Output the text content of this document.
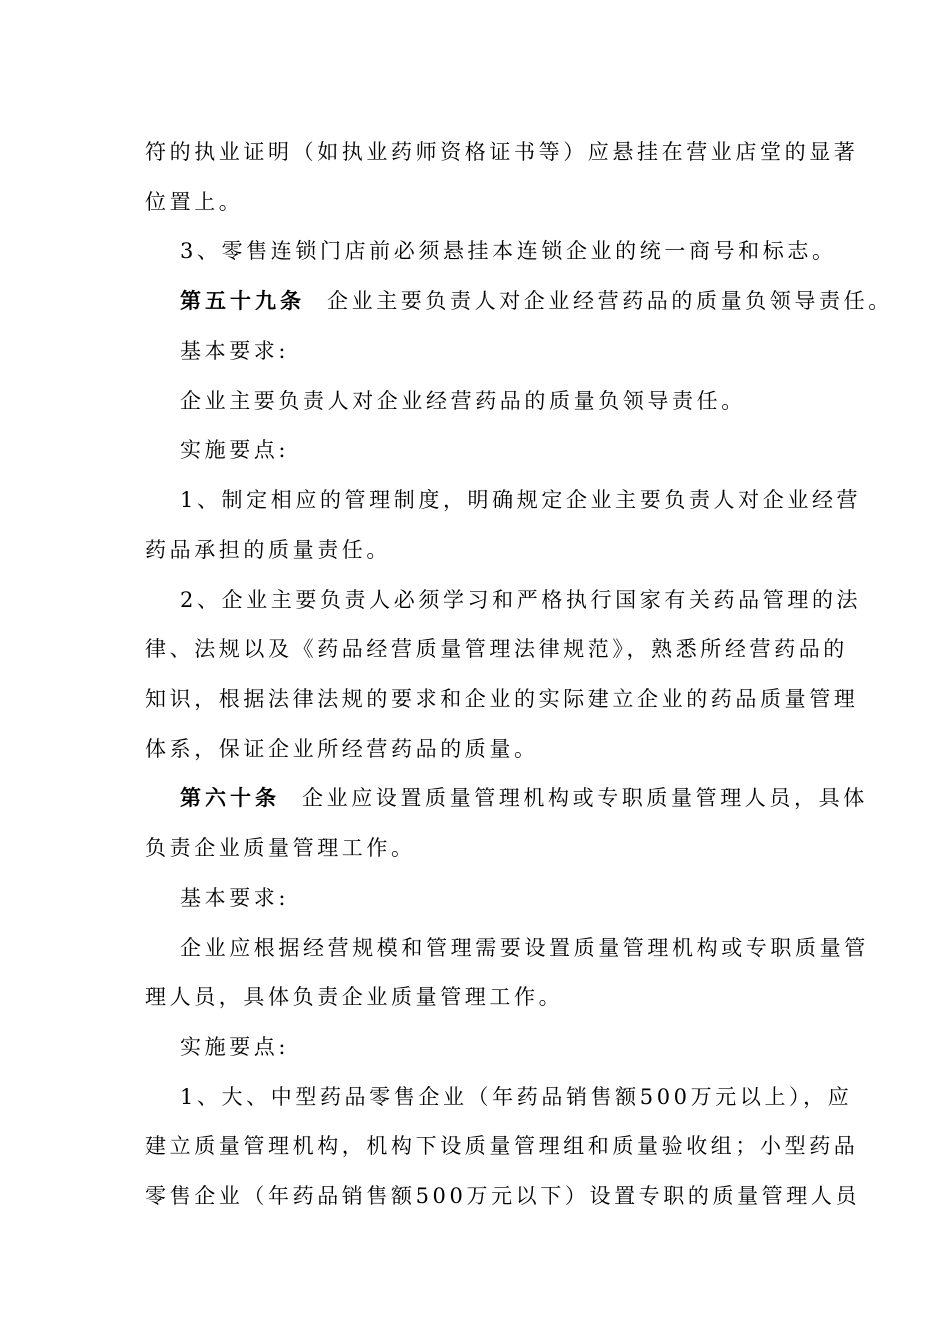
符的执业证明（如执业药师资格证书等）应悬挂在营业店堂的显著
位置上。
3、零售连锁门店前必须悬挂本连锁企业的统一商号和标志。
第五十九条 企业主要负责人对企业经营药品的质量负领导责任。
基本要求:
企业主要负责人对企业经营药品的质量负领导责任。
实施要点:
1、制定相应的管理制度，明确规定企业主要负责人对企业经营
药品承担的质量责任。
2、企业主要负责人必须学习和严格执行国家有关药品管理的法
律、法规以及《药品经营质量管理法律规范》，熟悉所经营药品的
知识，根据法律法规的要求和企业的实际建立企业的药品质量管理
体系，保证企业所经营药品的质量。
第六十条 企业应设置质量管理机构或专职质量管理人员，具体
负责企业质量管理工作。
基本要求:
企业应根据经营规模和管理需要设置质量管理机构或专职质量管
理人员，具体负责企业质量管理工作。
实施要点:
1、大、中型药品零售企业（年药品销售额500万元以上），应
建立质量管理机构，机构下设质量管理组和质量验收组；小型药品
零售企业（年药品销售额500万元以下）设置专职的质量管理人员
